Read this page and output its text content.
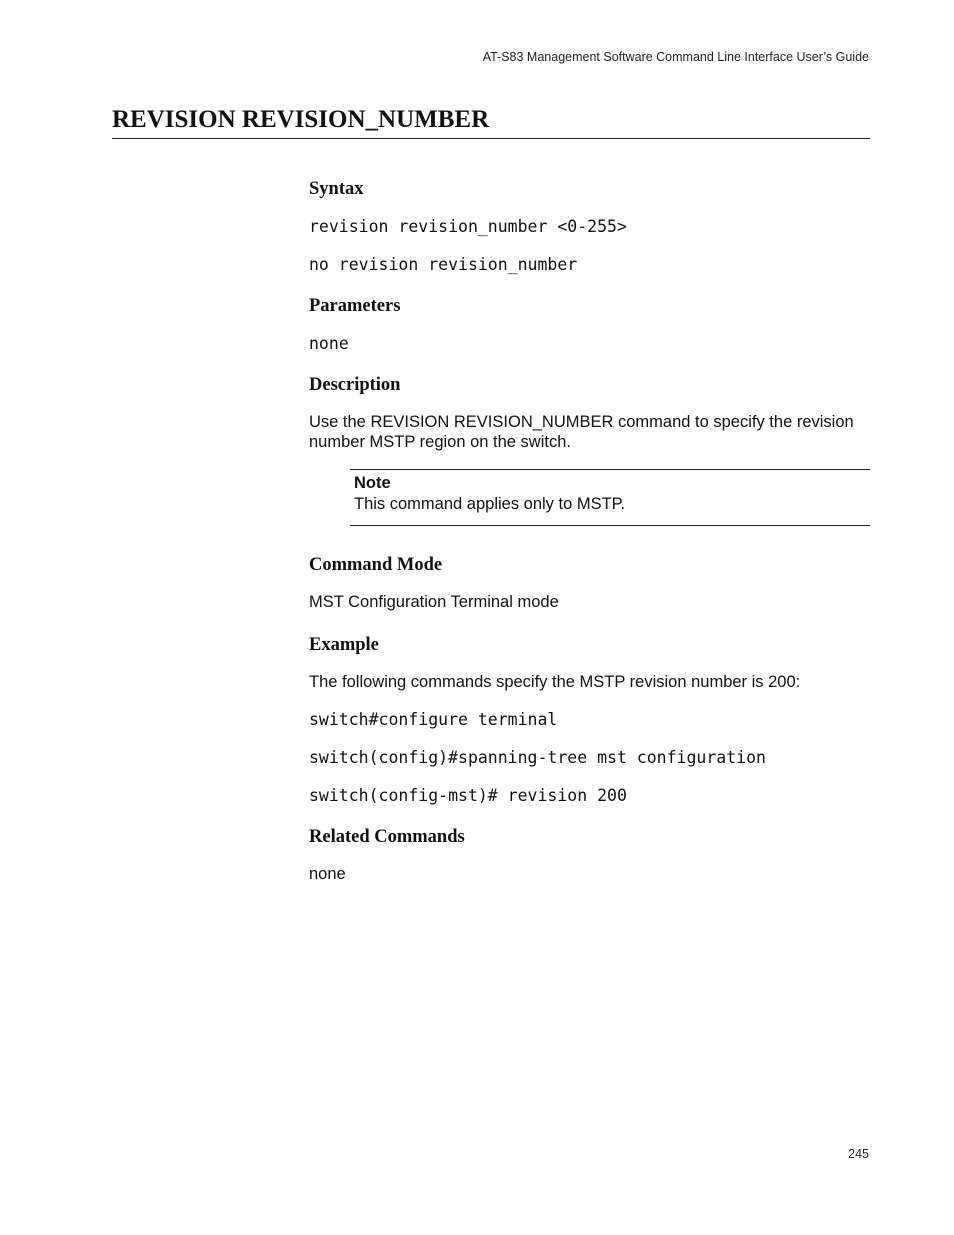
AT-S83 Management Software Command Line Interface User’s Guide
REVISION REVISION_NUMBER
Syntax
revision revision_number <0-255>
no revision revision_number
Parameters
none
Description
Use the REVISION REVISION_NUMBER command to specify the revision number MSTP region on the switch.
Note
This command applies only to MSTP.
Command Mode
MST Configuration Terminal mode
Example
The following commands specify the MSTP revision number is 200:
switch#configure terminal
switch(config)#spanning-tree mst configuration
switch(config-mst)# revision 200
Related Commands
none
245
